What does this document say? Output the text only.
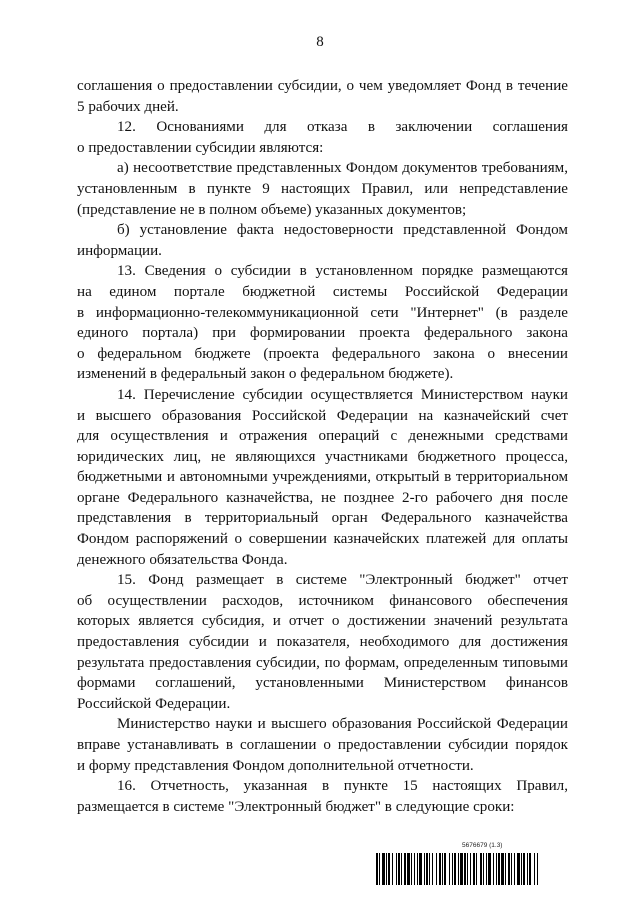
8
соглашения о предоставлении субсидии, о чем уведомляет Фонд в течение
5 рабочих дней.
12. Основаниями для отказа в заключении соглашения
о предоставлении субсидии являются:
а) несоответствие представленных Фондом документов требованиям,
установленным в пункте 9 настоящих Правил, или непредставление
(представление не в полном объеме) указанных документов;
б) установление факта недостоверности представленной Фондом
информации.
13. Сведения о субсидии в установленном порядке размещаются
на едином портале бюджетной системы Российской Федерации
в информационно-телекоммуникационной сети "Интернет" (в разделе
единого портала) при формировании проекта федерального закона
о федеральном бюджете (проекта федерального закона о внесении
изменений в федеральный закон о федеральном бюджете).
14. Перечисление субсидии осуществляется Министерством науки
и высшего образования Российской Федерации на казначейский счет
для осуществления и отражения операций с денежными средствами
юридических лиц, не являющихся участниками бюджетного процесса,
бюджетными и автономными учреждениями, открытый в территориальном
органе Федерального казначейства, не позднее 2-го рабочего дня после
представления в территориальный орган Федерального казначейства
Фондом распоряжений о совершении казначейских платежей для оплаты
денежного обязательства Фонда.
15. Фонд размещает в системе "Электронный бюджет" отчет
об осуществлении расходов, источником финансового обеспечения
которых является субсидия, и отчет о достижении значений результата
предоставления субсидии и показателя, необходимого для достижения
результата предоставления субсидии, по формам, определенным типовыми
формами соглашений, установленными Министерством финансов
Российской Федерации.
Министерство науки и высшего образования Российской Федерации
вправе устанавливать в соглашении о предоставлении субсидии порядок
и форму представления Фондом дополнительной отчетности.
16. Отчетность, указанная в пункте 15 настоящих Правил,
размещается в системе "Электронный бюджет" в следующие сроки:
5676679 (1.3)
